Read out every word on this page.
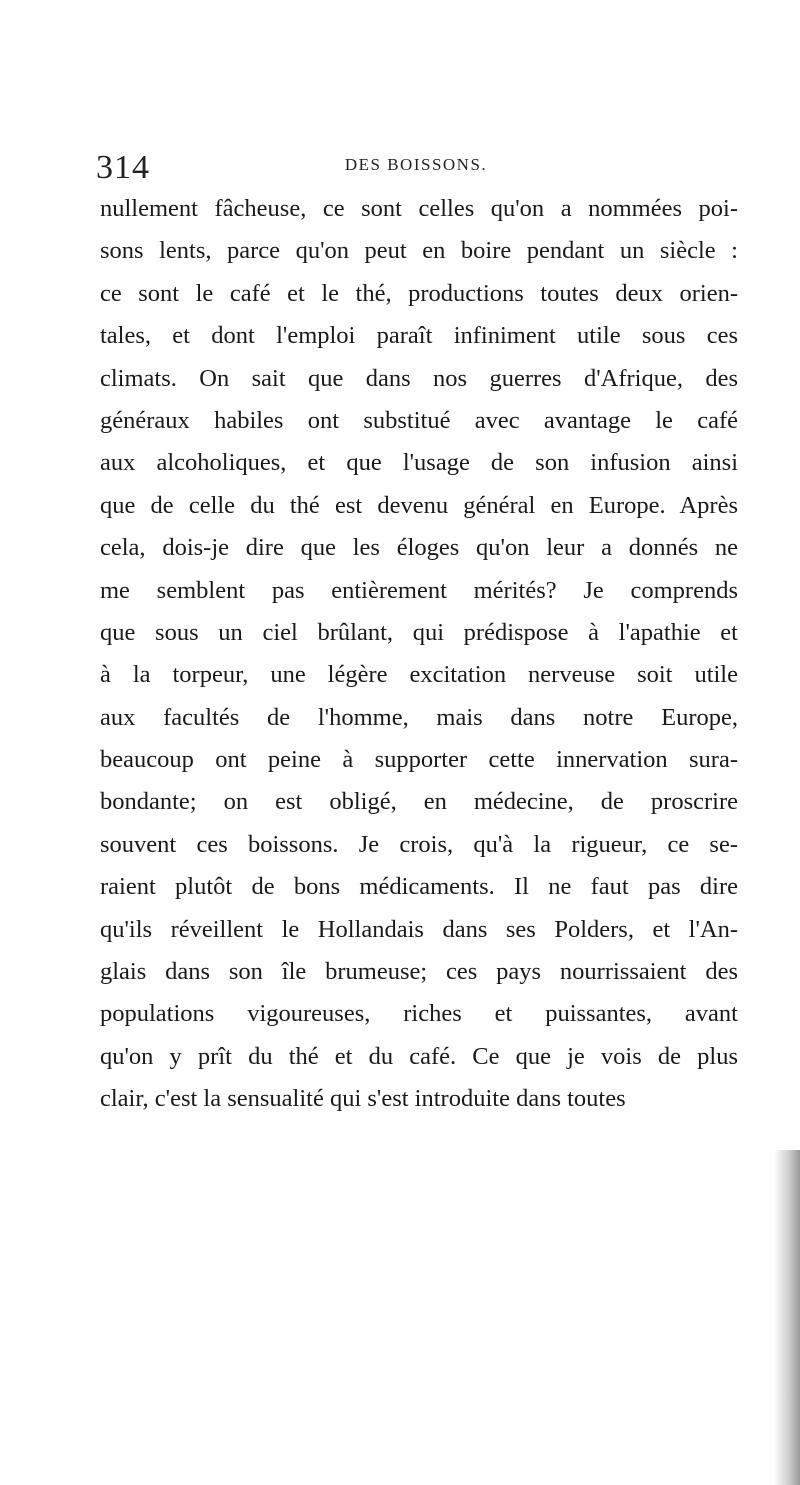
314	DES BOISSONS.
nullement fâcheuse, ce sont celles qu'on a nommées poi-
sons lents, parce qu'on peut en boire pendant un siècle :
ce sont le café et le thé, productions toutes deux orien-
tales, et dont l'emploi paraît infiniment utile sous ces
climats. On sait que dans nos guerres d'Afrique, des
généraux habiles ont substitué avec avantage le café
aux alcoholiques, et que l'usage de son infusion ainsi
que de celle du thé est devenu général en Europe. Après
cela, dois-je dire que les éloges qu'on leur a donnés ne
me semblent pas entièrement mérités? Je comprends
que sous un ciel brûlant, qui prédispose à l'apathie et
à la torpeur, une légère excitation nerveuse soit utile
aux facultés de l'homme, mais dans notre Europe,
beaucoup ont peine à supporter cette innervation sura-
bondante; on est obligé, en médecine, de proscrire
souvent ces boissons. Je crois, qu'à la rigueur, ce se-
raient plutôt de bons médicaments. Il ne faut pas dire
qu'ils réveillent le Hollandais dans ses Polders, et l'An-
glais dans son île brumeuse; ces pays nourrissaient des
populations vigoureuses, riches et puissantes, avant
qu'on y prît du thé et du café. Ce que je vois de plus
clair, c'est la sensualité qui s'est introduite dans toutes
